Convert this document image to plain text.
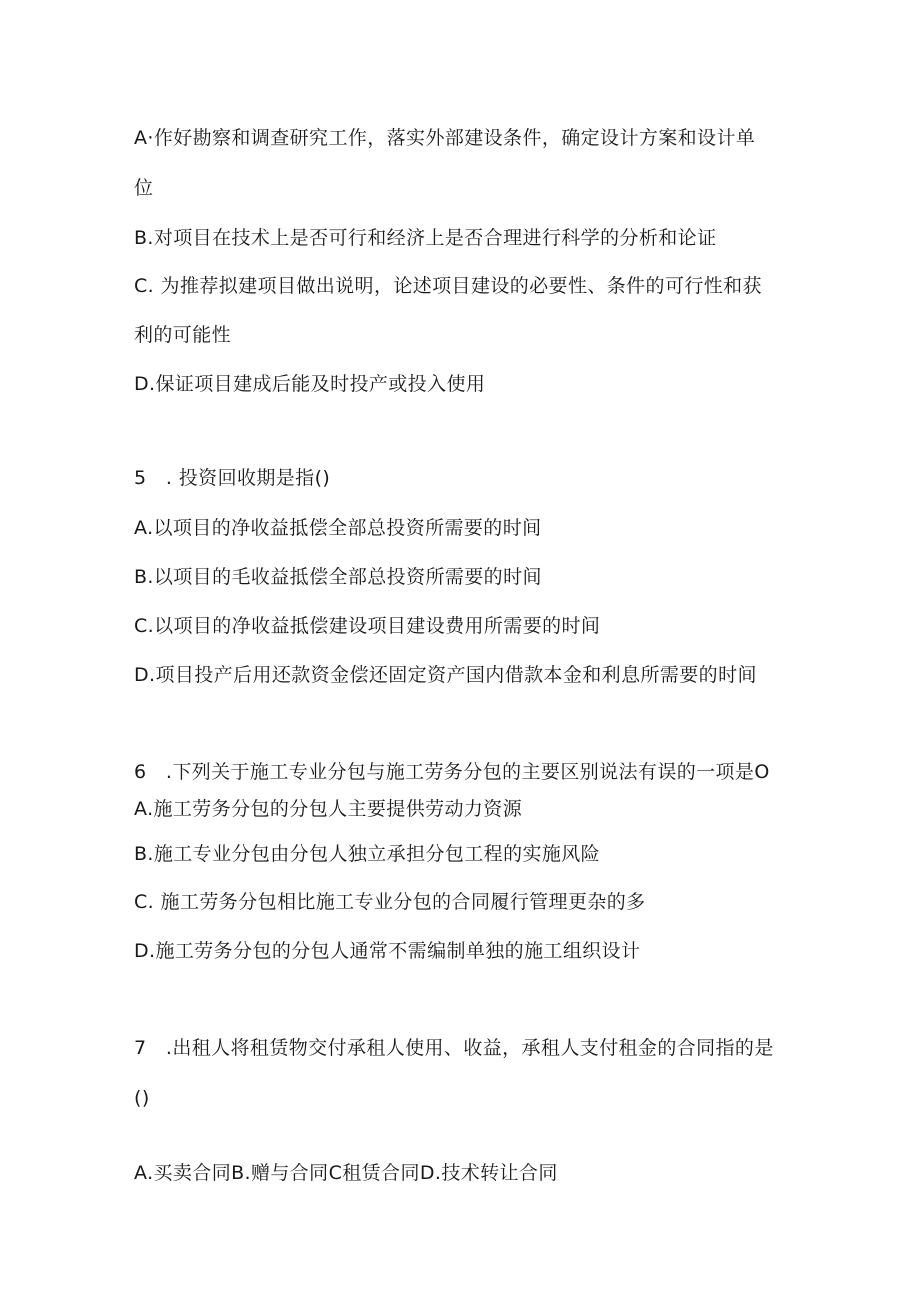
A·作好勘察和调查研究工作，落实外部建设条件，确定设计方案和设计单

位

B.对项目在技术上是否可行和经济上是否合理进行科学的分析和论证

C. 为推荐拟建项目做出说明，论述项目建设的必要性、条件的可行性和获

利的可能性

D.保证项目建成后能及时投产或投入使用

5　. 投资回收期是指()

A.以项目的净收益抵偿全部总投资所需要的时间

B.以项目的毛收益抵偿全部总投资所需要的时间

C.以项目的净收益抵偿建设项目建设费用所需要的时间

D.项目投产后用还款资金偿还固定资产国内借款本金和利息所需要的时间

6　.下列关于施工专业分包与施工劳务分包的主要区别说法有误的一项是O

A.施工劳务分包的分包人主要提供劳动力资源

B.施工专业分包由分包人独立承担分包工程的实施风险

C. 施工劳务分包相比施工专业分包的合同履行管理更杂的多

D.施工劳务分包的分包人通常不需编制单独的施工组织设计

7　.出租人将租赁物交付承租人使用、收益，承租人支付租金的合同指的是

()

A.买卖合同B.赠与合同C租赁合同D.技术转让合同
